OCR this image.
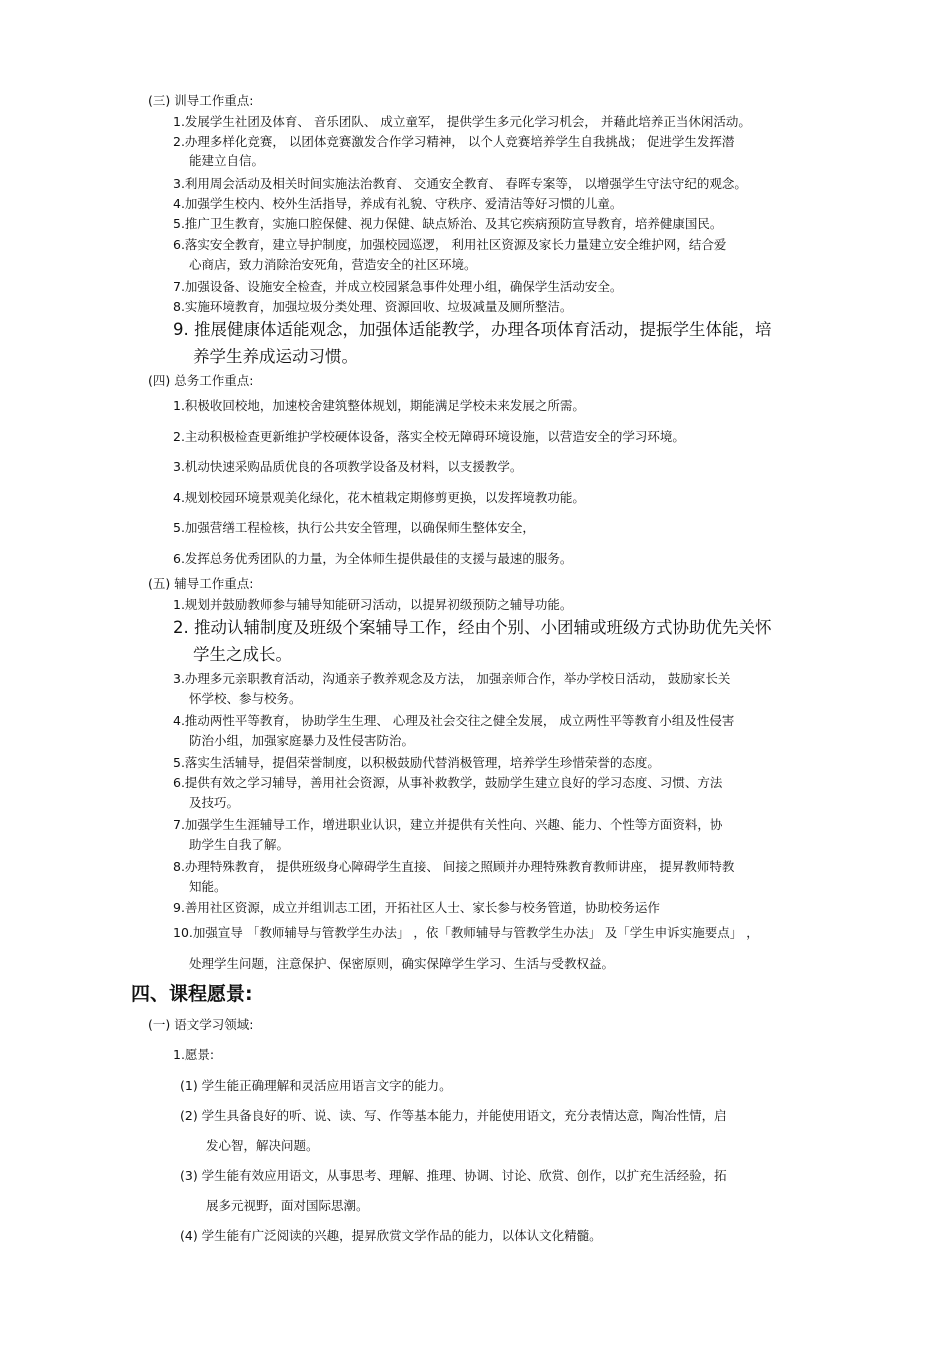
(三) 训导工作重点:
1.发展学生社团及体育、 音乐团队、 成立童军， 提供学生多元化学习机会， 并藉此培养正当休闲活动。
2.办理多样化竞赛， 以团体竞赛激发合作学习精神， 以个人竞赛培养学生自我挑战； 促进学生发挥潜
能建立自信。
3.利用周会活动及相关时间实施法治教育、 交通安全教育、 春晖专案等， 以增强学生守法守纪的观念。
4.加强学生校内、校外生活指导，养成有礼貌、守秩序、爱清洁等好习惯的儿童。
5.推广卫生教育，实施口腔保健、视力保健、缺点矫治、及其它疾病预防宣导教育，培养健康国民。
6.落实安全教育，建立导护制度，加强校园巡逻， 利用社区资源及家长力量建立安全维护网，结合爱
心商店，致力消除治安死角，营造安全的社区环境。
7.加强设备、设施安全检查，并成立校园紧急事件处理小组，确保学生活动安全。
8.实施环境教育，加强垃圾分类处理、资源回收、垃圾减量及厕所整洁。
9. 推展健康体适能观念，加强体适能教学，办理各项体育活动，提振学生体能，培
养学生养成运动习惯。
(四) 总务工作重点:
1.积极收回校地，加速校舍建筑整体规划，期能满足学校未来发展之所需。
2.主动积极检查更新维护学校硬体设备，落实全校无障碍环境设施，以营造安全的学习环境。
3.机动快速采购品质优良的各项教学设备及材料，以支援教学。
4.规划校园环境景观美化绿化，花木植栽定期修剪更换，以发挥境教功能。
5.加强营缮工程检核，执行公共安全管理，以确保师生整体安全，
6.发挥总务优秀团队的力量，为全体师生提供最佳的支援与最速的服务。
(五) 辅导工作重点:
1.规划并鼓励教师参与辅导知能研习活动，以提昇初级预防之辅导功能。
2. 推动认辅制度及班级个案辅导工作，经由个别、小团辅或班级方式协助优先关怀
学生之成长。
3.办理多元亲职教育活动，沟通亲子教养观念及方法， 加强亲师合作，举办学校日活动， 鼓励家长关
怀学校、参与校务。
4.推动两性平等教育， 协助学生生理、 心理及社会交往之健全发展， 成立两性平等教育小组及性侵害
防治小组，加强家庭暴力及性侵害防治。
5.落实生活辅导，提倡荣誉制度，以积极鼓励代替消极管理，培养学生珍惜荣誉的态度。
6.提供有效之学习辅导，善用社会资源，从事补救教学，鼓励学生建立良好的学习态度、习惯、方法
及技巧。
7.加强学生生涯辅导工作，增进职业认识，建立并提供有关性向、兴趣、能力、个性等方面资料，协
助学生自我了解。
8.办理特殊教育， 提供班级身心障碍学生直接、 间接之照顾并办理特殊教育教师讲座， 提昇教师特教
知能。
9.善用社区资源，成立并组训志工团，开拓社区人士、家长参与校务管道，协助校务运作
10.加强宣导 「教师辅导与管教学生办法」 ，依「教师辅导与管教学生办法」 及「学生申诉实施要点」 ，
处理学生问题，注意保护、保密原则，确实保障学生学习、生活与受教权益。
四、课程愿景:
(一) 语文学习领域:
1.愿景:
(1) 学生能正确理解和灵活应用语言文字的能力。
(2) 学生具备良好的听、说、读、写、作等基本能力，并能使用语文，充分表情达意，陶冶性情，启
发心智，解决问题。
(3) 学生能有效应用语文，从事思考、理解、推理、协调、讨论、欣赏、创作，以扩充生活经验，拓
展多元视野，面对国际思潮。
(4) 学生能有广泛阅读的兴趣，提昇欣赏文学作品的能力，以体认文化精髓。
